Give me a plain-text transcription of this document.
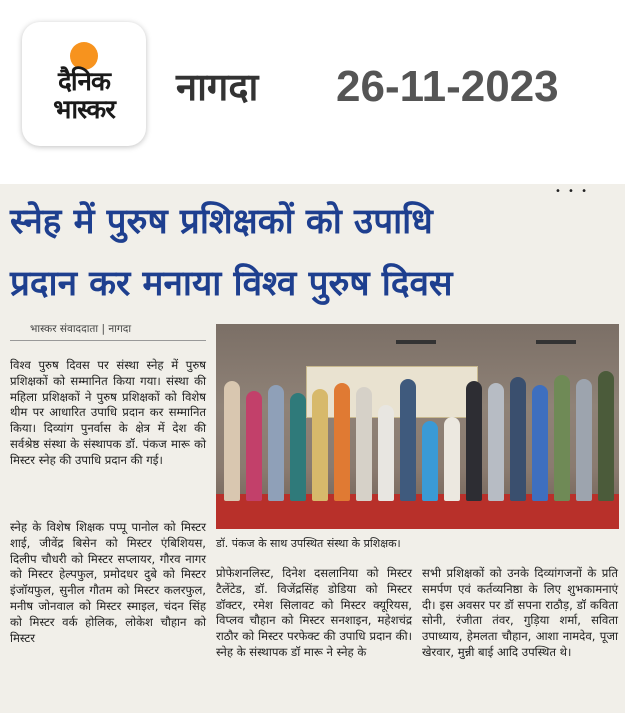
दैनिक
भास्कर
नागदा 26-11-2023
• • •
स्नेह में पुरुष प्रशिक्षकों को उपाधि
प्रदान कर मनाया विश्व पुरुष दिवस
भास्कर संवाददाता | नागदा
डॉ. पंकज के साथ उपस्थित संस्था के प्रशिक्षक।
विश्व पुरुष दिवस पर संस्था स्नेह में पुरुष प्रशिक्षकों को सम्मानित किया गया। संस्था की महिला प्रशिक्षकों ने पुरुष प्रशिक्षकों को विशेष थीम पर आधारित उपाधि प्रदान कर सम्मानित किया। दिव्यांग पुनर्वास के क्षेत्र में देश की सर्वश्रेष्ठ संस्था के संस्थापक डॉ. पंकज मारू को मिस्टर स्नेह की उपाधि प्रदान की गई।
स्नेह के विशेष शिक्षक पप्पू पानोल को मिस्टर शाई, जीवेंद्र बिसेन को मिस्टर एंबिशियस, दिलीप चौधरी को मिस्टर सप्लायर, गौरव नागर को मिस्टर हेल्पफुल, प्रमोदधर दुबे को मिस्टर इंजॉयफुल, सुनील गौतम को मिस्टर कलरफुल, मनीष जोनवाल को मिस्टर स्माइल, चंदन सिंह को मिस्टर वर्क होलिक, लोकेश चौहान को मिस्टर
प्रोफेशनलिस्ट, दिनेश दसलानिया को मिस्टर टैलेंटेड, डॉ. विजेंद्रसिंह डोडिया को मिस्टर डॉक्टर, रमेश सिलावट को मिस्टर क्यूरियस, विप्लव चौहान को मिस्टर सनशाइन, महेशचंद्र राठौर को मिस्टर परफेक्ट की उपाधि प्रदान की। स्नेह के संस्थापक डॉ मारू ने स्नेह के
सभी प्रशिक्षकों को उनके दिव्यांगजनों के प्रति समर्पण एवं कर्तव्यनिष्ठा के लिए शुभकामनाएं दी। इस अवसर पर डॉ सपना राठौड़, डॉ कविता सोनी, रंजीता तंवर, गुड़िया शर्मा, सविता उपाध्याय, हेमलता चौहान, आशा नामदेव, पूजा खेरवार, मुन्नी बाई आदि उपस्थित थे।
